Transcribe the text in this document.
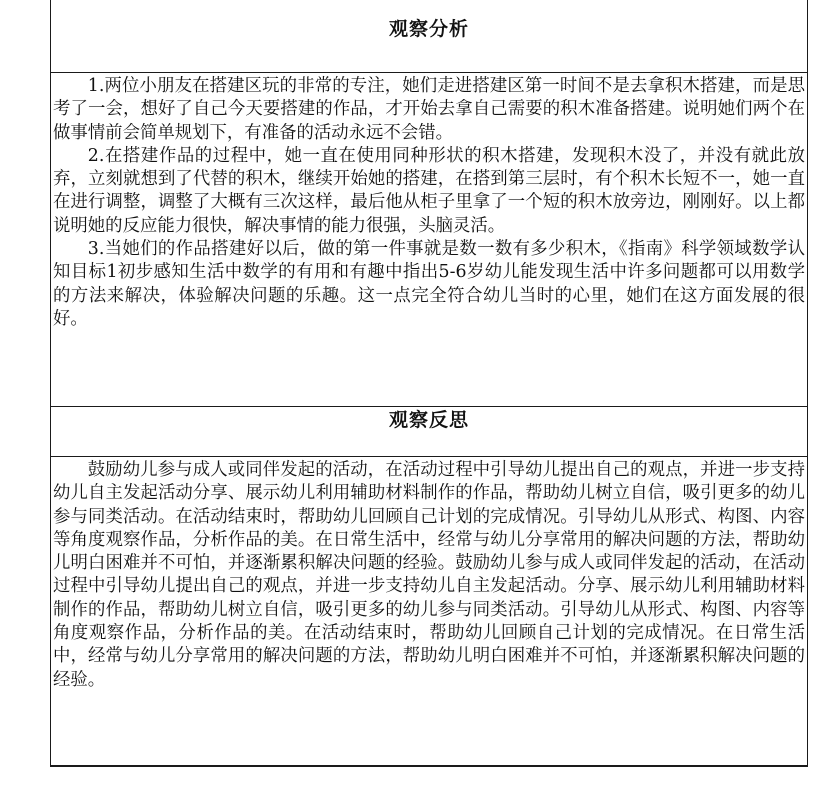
观察分析

1.两位小朋友在搭建区玩的非常的专注，她们走进搭建区第一时间不是去拿积木搭建，而是思考了一会，想好了自己今天要搭建的作品，才开始去拿自己需要的积木准备搭建。说明她们两个在做事情前会简单规划下，有准备的活动永远不会错。

2.在搭建作品的过程中，她一直在使用同种形状的积木搭建，发现积木没了，并没有就此放弃，立刻就想到了代替的积木，继续开始她的搭建，在搭到第三层时，有个积木长短不一，她一直在进行调整，调整了大概有三次这样，最后他从柜子里拿了一个短的积木放旁边，刚刚好。以上都说明她的反应能力很快，解决事情的能力很强，头脑灵活。

3.当她们的作品搭建好以后，做的第一件事就是数一数有多少积木，《指南》科学领域数学认知目标1初步感知生活中数学的有用和有趣中指出5-6岁幼儿能发现生活中许多问题都可以用数学的方法来解决，体验解决问题的乐趣。这一点完全符合幼儿当时的心里，她们在这方面发展的很好。

观察反思

鼓励幼儿参与成人或同伴发起的活动，在活动过程中引导幼儿提出自己的观点，并进一步支持幼儿自主发起活动分享、展示幼儿利用辅助材料制作的作品，帮助幼儿树立自信，吸引更多的幼儿参与同类活动。在活动结束时，帮助幼儿回顾自己计划的完成情况。引导幼儿从形式、构图、内容等角度观察作品，分析作品的美。在日常生活中，经常与幼儿分享常用的解决问题的方法，帮助幼儿明白困难并不可怕，并逐渐累积解决问题的经验。鼓励幼儿参与成人或同伴发起的活动，在活动过程中引导幼儿提出自己的观点，并进一步支持幼儿自主发起活动。分享、展示幼儿利用辅助材料制作的作品，帮助幼儿树立自信，吸引更多的幼儿参与同类活动。引导幼儿从形式、构图、内容等角度观察作品，分析作品的美。在活动结束时，帮助幼儿回顾自己计划的完成情况。在日常生活中，经常与幼儿分享常用的解决问题的方法，帮助幼儿明白困难并不可怕，并逐渐累积解决问题的经验。
